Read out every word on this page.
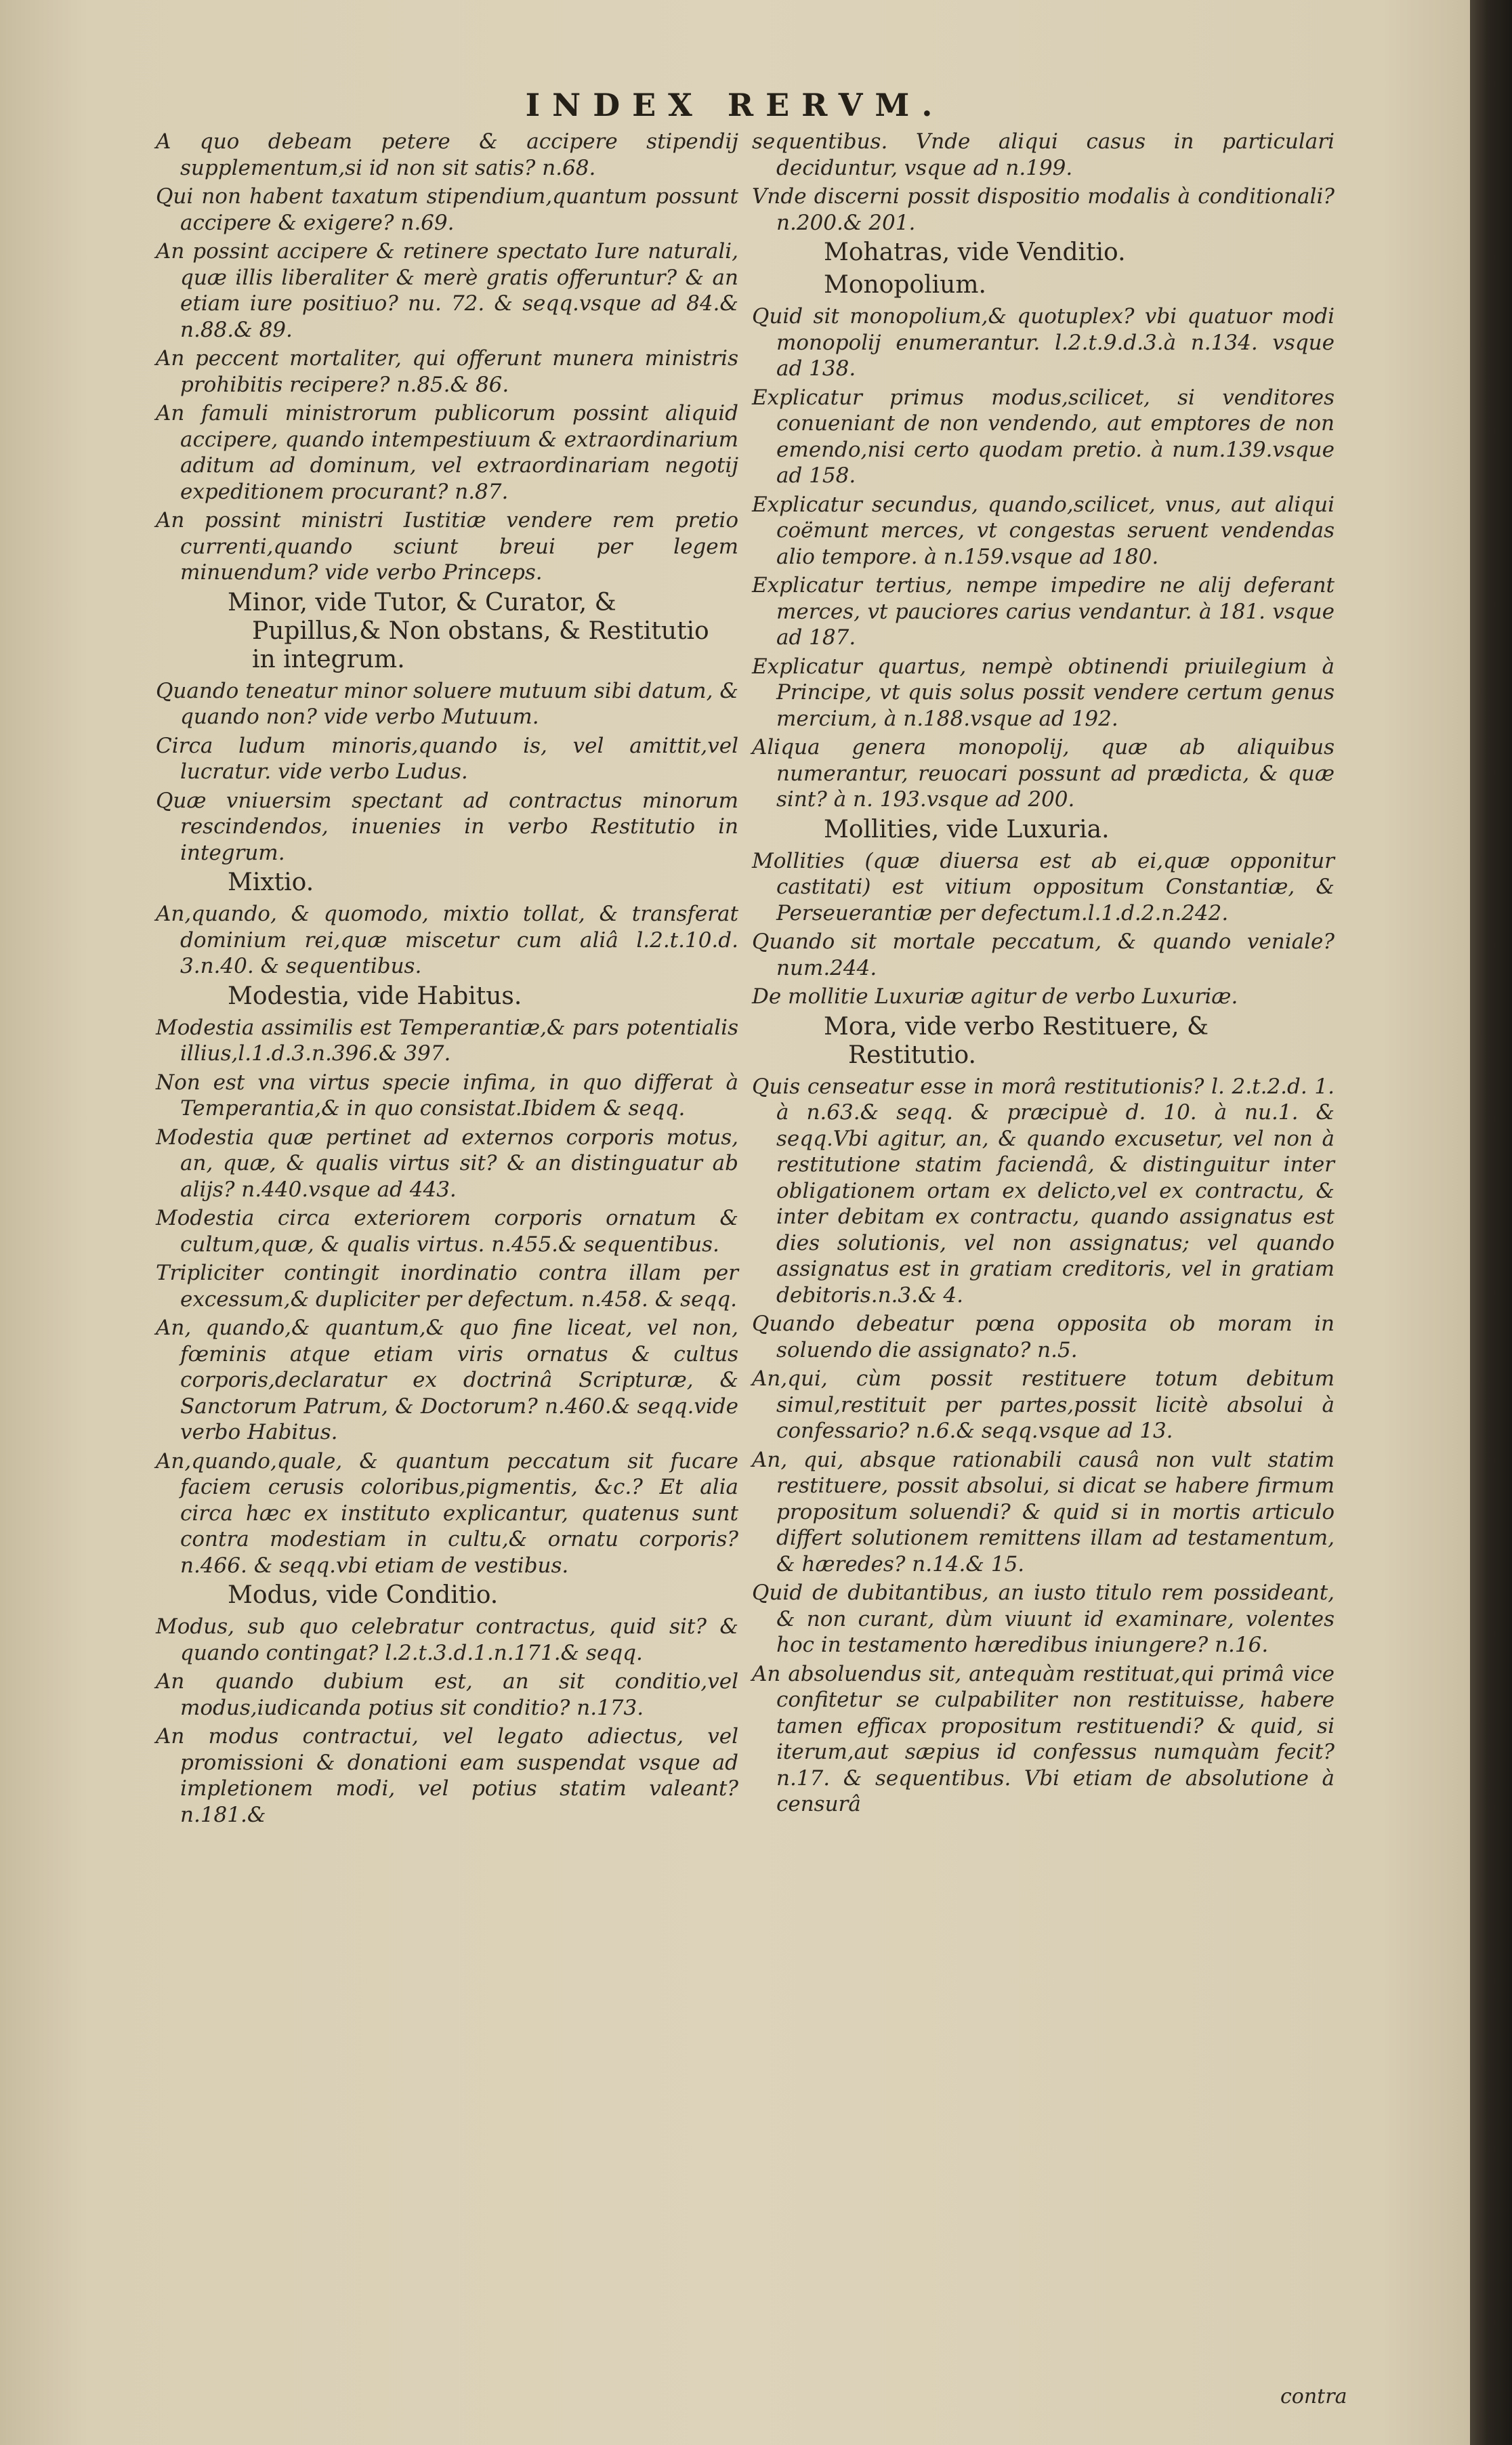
INDEX RERVM.
A quo debeam petere & accipere stipendij supplementum,si id non sit satis? n.68.
Qui non habent taxatum stipendium,quantum possunt accipere & exigere? n.69.
An possint accipere & retinere spectato Iure naturali, quæ illis liberaliter & merè gratis offeruntur? & an etiam iure positiuo? nu. 72. & seqq.vsque ad 84.& n.88.& 89.
An peccent mortaliter, qui offerunt munera ministris prohibitis recipere? n.85.& 86.
An famuli ministrorum publicorum possint aliquid accipere, quando intempestiuum & extraordinarium aditum ad dominum, vel extraordinariam negotij expeditionem procurant? n.87.
An possint ministri Iustitiæ vendere rem pretio currenti,quando sciunt breui per legem minuendum? vide verbo Princeps.
Minor, vide Tutor, & Curator, & Pupillus,& Non obstans, & Restitutio in integrum.
Quando teneatur minor soluere mutuum sibi datum, & quando non? vide verbo Mutuum.
Circa ludum minoris,quando is, vel amittit,vel lucratur. vide verbo Ludus.
Quæ vniuersim spectant ad contractus minorum rescindendos, inuenies in verbo Restitutio in integrum.
Mixtio.
An,quando, & quomodo, mixtio tollat, & transferat dominium rei,quæ miscetur cum aliâ l.2.t.10.d. 3.n.40. & sequentibus.
Modestia, vide Habitus.
Modestia assimilis est Temperantiæ,& pars potentialis illius,l.1.d.3.n.396.& 397.
Non est vna virtus specie infima, in quo differat à Temperantia,& in quo consistat.Ibidem & seqq.
Modestia quæ pertinet ad externos corporis motus, an, quæ, & qualis virtus sit? & an distinguatur ab alijs? n.440.vsque ad 443.
Modestia circa exteriorem corporis ornatum & cultum,quæ, & qualis virtus. n.455.& sequentibus.
Tripliciter contingit inordinatio contra illam per excessum,& dupliciter per defectum. n.458. & seqq.
An, quando,& quantum,& quo fine liceat, vel non, fœminis atque etiam viris ornatus & cultus corporis,declaratur ex doctrinâ Scripturæ, & Sanctorum Patrum, & Doctorum? n.460.& seqq.vide verbo Habitus.
An,quando,quale, & quantum peccatum sit fucare faciem cerusis coloribus,pigmentis, &c.? Et alia circa hæc ex instituto explicantur, quatenus sunt contra modestiam in cultu,& ornatu corporis? n.466. & seqq.vbi etiam de vestibus.
Modus, vide Conditio.
Modus, sub quo celebratur contractus, quid sit? & quando contingat? l.2.t.3.d.1.n.171.& seqq.
An quando dubium est, an sit conditio,vel modus,iudicanda potius sit conditio? n.173.
An modus contractui, vel legato adiectus, vel promissioni & donationi eam suspendat vsque ad impletionem modi, vel potius statim valeant? n.181.&
sequentibus. Vnde aliqui casus in particulari deciduntur, vsque ad n.199.
Vnde discerni possit dispositio modalis à conditionali? n.200.& 201.
Mohatras, vide Venditio.
Monopolium.
Quid sit monopolium,& quotuplex? vbi quatuor modi monopolij enumerantur. l.2.t.9.d.3.à n.134. vsque ad 138.
Explicatur primus modus,scilicet, si venditores conueniant de non vendendo, aut emptores de non emendo,nisi certo quodam pretio. à num.139.vsque ad 158.
Explicatur secundus, quando,scilicet, vnus, aut aliqui coëmunt merces, vt congestas seruent vendendas alio tempore. à n.159.vsque ad 180.
Explicatur tertius, nempe impedire ne alij deferant merces, vt pauciores carius vendantur. à 181. vsque ad 187.
Explicatur quartus, nempè obtinendi priuilegium à Principe, vt quis solus possit vendere certum genus mercium, à n.188.vsque ad 192.
Aliqua genera monopolij, quæ ab aliquibus numerantur, reuocari possunt ad prædicta, & quæ sint? à n. 193.vsque ad 200.
Mollities, vide Luxuria.
Mollities (quæ diuersa est ab ei,quæ opponitur castitati) est vitium oppositum Constantiæ, & Perseuerantiæ per defectum.l.1.d.2.n.242.
Quando sit mortale peccatum, & quando veniale? num.244.
De mollitie Luxuriæ agitur de verbo Luxuriæ.
Mora, vide verbo Restituere, & Restitutio.
Quis censeatur esse in morâ restitutionis? l. 2.t.2.d. 1. à n.63.& seqq. & præcipuè d. 10. à nu.1. & seqq.Vbi agitur, an, & quando excusetur, vel non à restitutione statim faciendâ, & distinguitur inter obligationem ortam ex delicto,vel ex contractu, & inter debitam ex contractu, quando assignatus est dies solutionis, vel non assignatus; vel quando assignatus est in gratiam creditoris, vel in gratiam debitoris.n.3.& 4.
Quando debeatur pœna opposita ob moram in soluendo die assignato? n.5.
An,qui, cùm possit restituere totum debitum simul,restituit per partes,possit licitè absolui à confessario? n.6.& seqq.vsque ad 13.
An, qui, absque rationabili causâ non vult statim restituere, possit absolui, si dicat se habere firmum propositum soluendi? & quid si in mortis articulo differt solutionem remittens illam ad testamentum, & hæredes? n.14.& 15.
Quid de dubitantibus, an iusto titulo rem possideant, & non curant, dùm viuunt id examinare, volentes hoc in testamento hæredibus iniungere? n.16.
An absoluendus sit, antequàm restituat,qui primâ vice confitetur se culpabiliter non restituisse, habere tamen efficax propositum restituendi? & quid, si iterum,aut sæpius id confessus numquàm fecit? n.17. & sequentibus. Vbi etiam de absolutione à censurâ
contra
